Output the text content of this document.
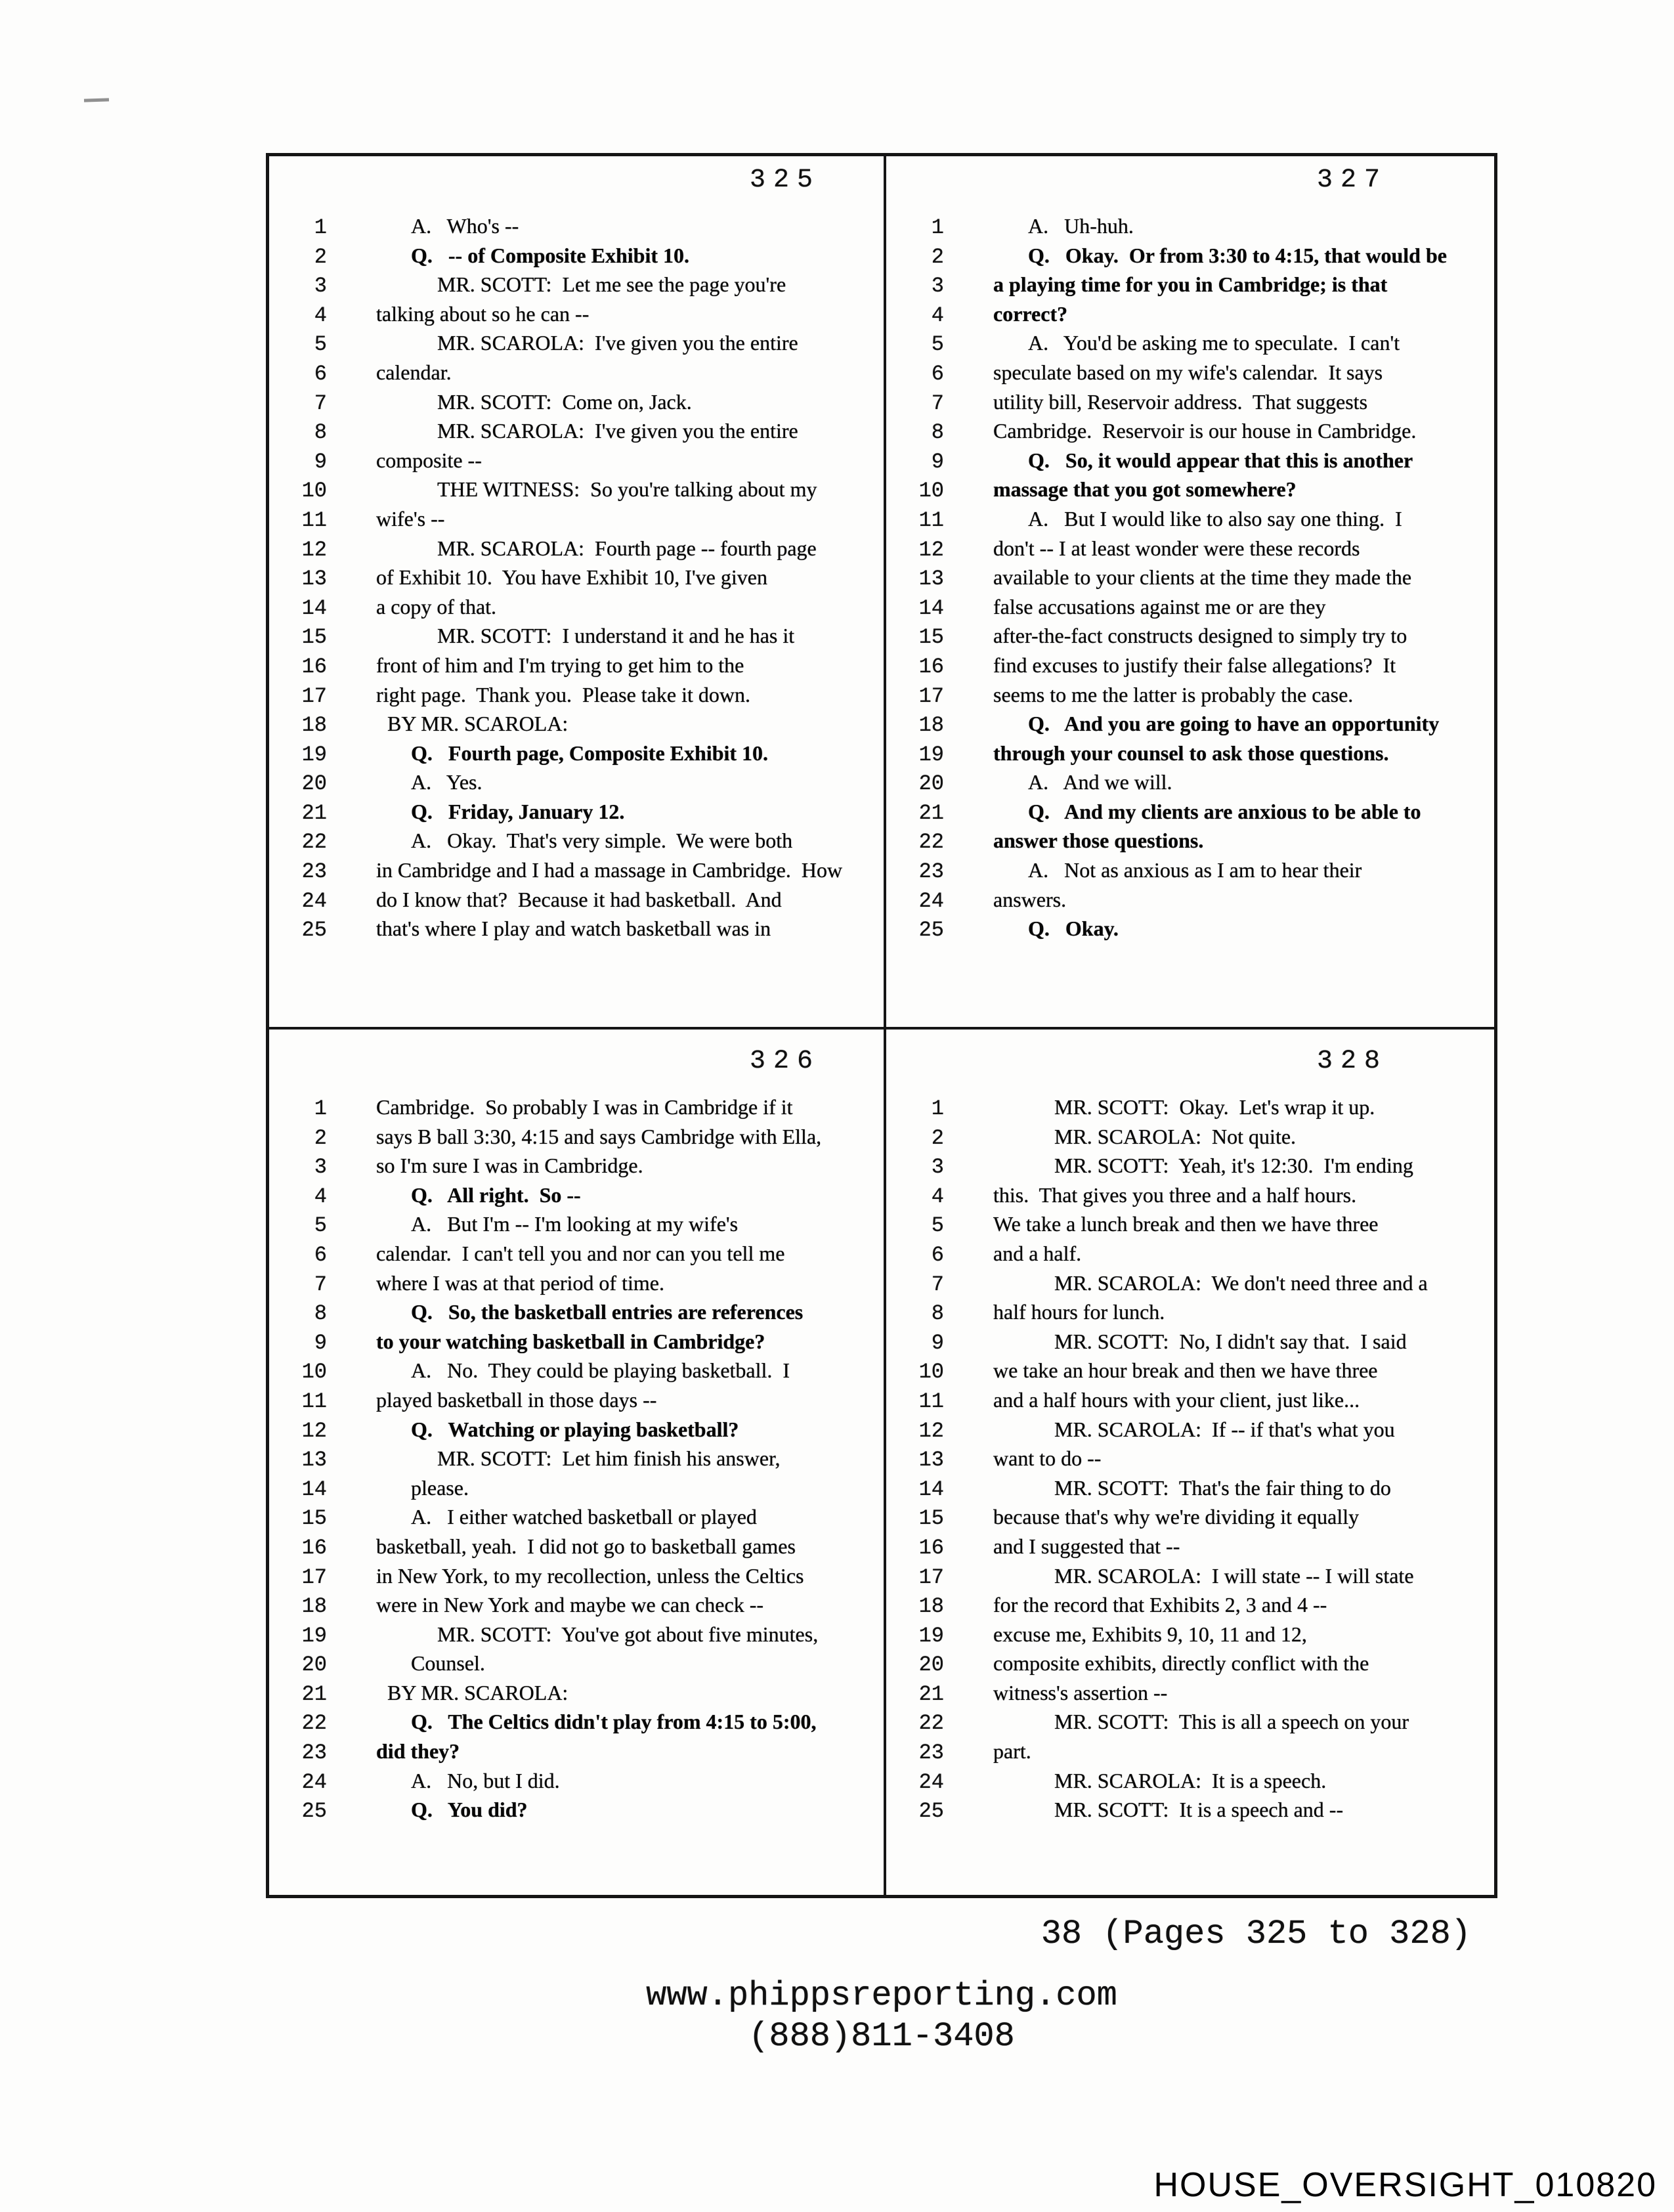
325
1	A.   Who's --
2	Q.   -- of Composite Exhibit 10.
3	MR. SCOTT:  Let me see the page you're
4 talking about so he can --
5	MR. SCAROLA:  I've given you the entire
6 calendar.
7	MR. SCOTT:  Come on, Jack.
8	MR. SCAROLA:  I've given you the entire
9 composite --
10	THE WITNESS:  So you're talking about my
11 wife's --
12	MR. SCAROLA:  Fourth page -- fourth page
13 of Exhibit 10.  You have Exhibit 10, I've given
14 a copy of that.
15	MR. SCOTT:  I understand it and he has it
16 front of him and I'm trying to get him to the
17 right page.  Thank you.  Please take it down.
18	BY MR. SCAROLA:
19	Q.   Fourth page, Composite Exhibit 10.
20	A.   Yes.
21	Q.   Friday, January 12.
22	A.   Okay.  That's very simple.  We were both
23 in Cambridge and I had a massage in Cambridge.  How
24 do I know that?  Because it had basketball.  And
25 that's where I play and watch basketball was in
327
1	A.   Uh-huh.
2	Q.   Okay.  Or from 3:30 to 4:15, that would be
3 a playing time for you in Cambridge; is that
4 correct?
5	A.   You'd be asking me to speculate.  I can't
6 speculate based on my wife's calendar.  It says
7 utility bill, Reservoir address.  That suggests
8 Cambridge.  Reservoir is our house in Cambridge.
9	Q.   So, it would appear that this is another
10 massage that you got somewhere?
11	A.   But I would like to also say one thing.  I
12 don't -- I at least wonder were these records
13 available to your clients at the time they made the
14 false accusations against me or are they
15 after-the-fact constructs designed to simply try to
16 find excuses to justify their false allegations?  It
17 seems to me the latter is probably the case.
18	Q.   And you are going to have an opportunity
19 through your counsel to ask those questions.
20	A.   And we will.
21	Q.   And my clients are anxious to be able to
22 answer those questions.
23	A.   Not as anxious as I am to hear their
24 answers.
25	Q.   Okay.
326
1 Cambridge.  So probably I was in Cambridge if it
2 says B ball 3:30, 4:15 and says Cambridge with Ella,
3 so I'm sure I was in Cambridge.
4	Q.   All right.  So --
5	A.   But I'm -- I'm looking at my wife's
6 calendar.  I can't tell you and nor can you tell me
7 where I was at that period of time.
8	Q.   So, the basketball entries are references
9 to your watching basketball in Cambridge?
10	A.   No.  They could be playing basketball.  I
11 played basketball in those days --
12	Q.   Watching or playing basketball?
13	MR. SCOTT:  Let him finish his answer,
14	please.
15	A.   I either watched basketball or played
16 basketball, yeah.  I did not go to basketball games
17 in New York, to my recollection, unless the Celtics
18 were in New York and maybe we can check --
19	MR. SCOTT:  You've got about five minutes,
20	Counsel.
21	BY MR. SCAROLA:
22	Q.   The Celtics didn't play from 4:15 to 5:00,
23 did they?
24	A.   No, but I did.
25	Q.   You did?
328
1	MR. SCOTT:  Okay.  Let's wrap it up.
2	MR. SCAROLA:  Not quite.
3	MR. SCOTT:  Yeah, it's 12:30.  I'm ending
4 this.  That gives you three and a half hours.
5 We take a lunch break and then we have three
6 and a half.
7	MR. SCAROLA:  We don't need three and a
8 half hours for lunch.
9	MR. SCOTT:  No, I didn't say that.  I said
10 we take an hour break and then we have three
11 and a half hours with your client, just like...
12	MR. SCAROLA:  If -- if that's what you
13 want to do --
14	MR. SCOTT:  That's the fair thing to do
15 because that's why we're dividing it equally
16 and I suggested that --
17	MR. SCAROLA:  I will state -- I will state
18 for the record that Exhibits 2, 3 and 4 --
19 excuse me, Exhibits 9, 10, 11 and 12,
20 composite exhibits, directly conflict with the
21 witness's assertion --
22	MR. SCOTT:  This is all a speech on your
23 part.
24	MR. SCAROLA:  It is a speech.
25	MR. SCOTT:  It is a speech and --
38 (Pages 325 to 328)
www.phippsreporting.com
(888)811-3408
HOUSE_OVERSIGHT_010820
